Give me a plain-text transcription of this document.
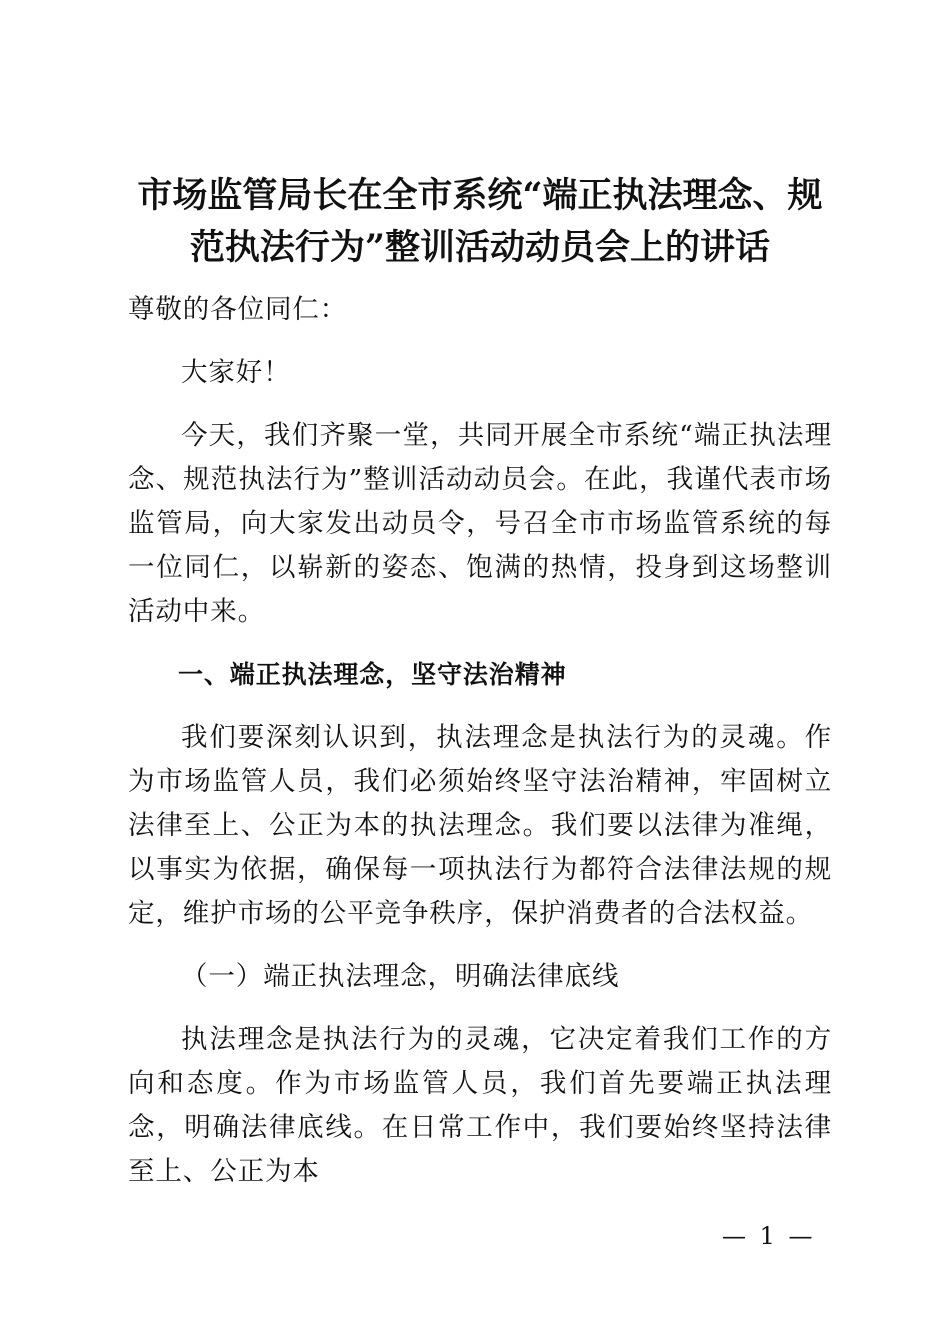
市场监管局长在全市系统“端正执法理念、规
范执法行为”整训活动动员会上的讲话

尊敬的各位同仁：

大家好！

今天，我们齐聚一堂，共同开展全市系统“端正执法理念、规范执法行为”整训活动动员会。在此，我谨代表市场监管局，向大家发出动员令，号召全市市场监管系统的每一位同仁，以崭新的姿态、饱满的热情，投身到这场整训活动中来。

一、端正执法理念，坚守法治精神

我们要深刻认识到，执法理念是执法行为的灵魂。作为市场监管人员，我们必须始终坚守法治精神，牢固树立法律至上、公正为本的执法理念。我们要以法律为准绳，以事实为依据，确保每一项执法行为都符合法律法规的规定，维护市场的公平竞争秩序，保护消费者的合法权益。

（一）端正执法理念，明确法律底线

执法理念是执法行为的灵魂，它决定着我们工作的方向和态度。作为市场监管人员，我们首先要端正执法理念，明确法律底线。在日常工作中，我们要始终坚持法律至上、公正为本

— 1 —
